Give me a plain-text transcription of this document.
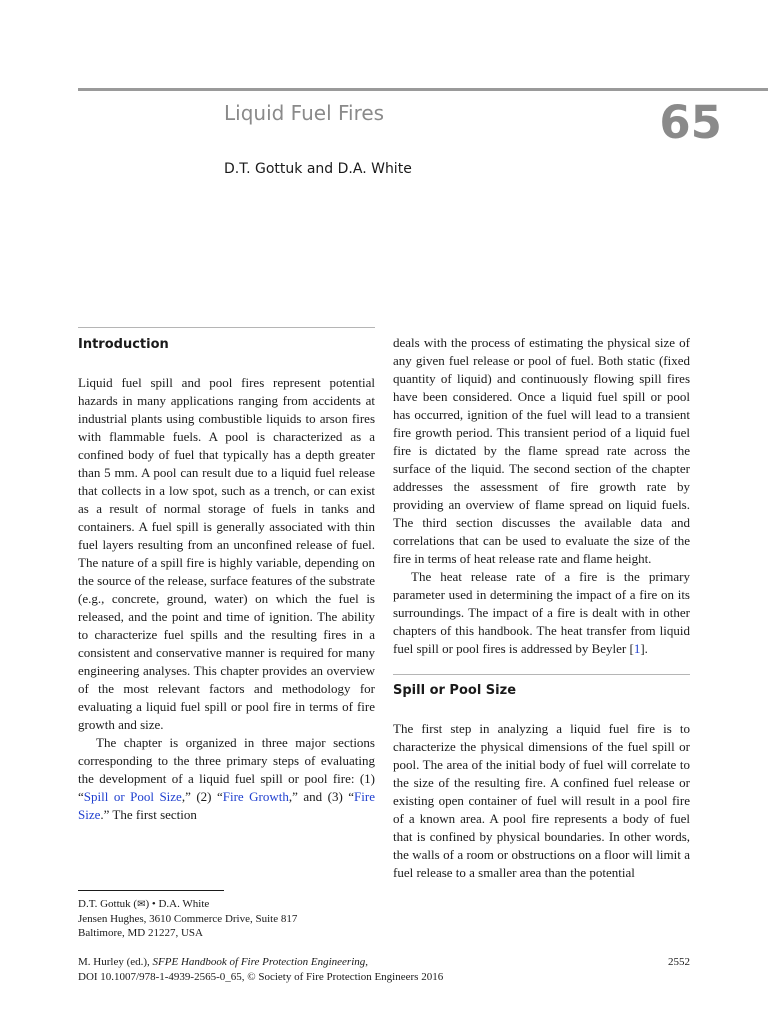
Liquid Fuel Fires	65
D.T. Gottuk and D.A. White
Introduction

Liquid fuel spill and pool fires represent potential hazards in many applications ranging from accidents at industrial plants using combustible liquids to arson fires with flammable fuels. A pool is characterized as a confined body of fuel that typically has a depth greater than 5 mm. A pool can result due to a liquid fuel release that collects in a low spot, such as a trench, or can exist as a result of normal storage of fuels in tanks and containers. A fuel spill is generally associated with thin fuel layers resulting from an unconfined release of fuel. The nature of a spill fire is highly variable, depending on the source of the release, surface features of the substrate (e.g., concrete, ground, water) on which the fuel is released, and the point and time of ignition. The ability to characterize fuel spills and the resulting fires in a consistent and conservative manner is required for many engineering analyses. This chapter provides an overview of the most relevant factors and methodology for evaluating a liquid fuel spill or pool fire in terms of fire growth and size.

The chapter is organized in three major sections corresponding to the three primary steps of evaluating the development of a liquid fuel spill or pool fire: (1) “Spill or Pool Size,” (2) “Fire Growth,” and (3) “Fire Size.” The first section

deals with the process of estimating the physical size of any given fuel release or pool of fuel. Both static (fixed quantity of liquid) and continuously flowing spill fires have been considered. Once a liquid fuel spill or pool has occurred, ignition of the fuel will lead to a transient fire growth period. This transient period of a liquid fuel fire is dictated by the flame spread rate across the surface of the liquid. The second section of the chapter addresses the assessment of fire growth rate by providing an overview of flame spread on liquid fuels. The third section discusses the available data and correlations that can be used to evaluate the size of the fire in terms of heat release rate and flame height.

The heat release rate of a fire is the primary parameter used in determining the impact of a fire on its surroundings. The impact of a fire is dealt with in other chapters of this handbook. The heat transfer from liquid fuel spill or pool fires is addressed by Beyler [1].

Spill or Pool Size

The first step in analyzing a liquid fuel fire is to characterize the physical dimensions of the fuel spill or pool. The area of the initial body of fuel will correlate to the size of the resulting fire. A confined fuel release or existing open container of fuel will result in a pool fire of a known area. A pool fire represents a body of fuel that is confined by physical boundaries. In other words, the walls of a room or obstructions on a floor will limit a fuel release to a smaller area than the potential

D.T. Gottuk (✉) • D.A. White
Jensen Hughes, 3610 Commerce Drive, Suite 817
Baltimore, MD 21227, USA
M. Hurley (ed.), SFPE Handbook of Fire Protection Engineering,
DOI 10.1007/978-1-4939-2565-0_65, © Society of Fire Protection Engineers 2016
2552
